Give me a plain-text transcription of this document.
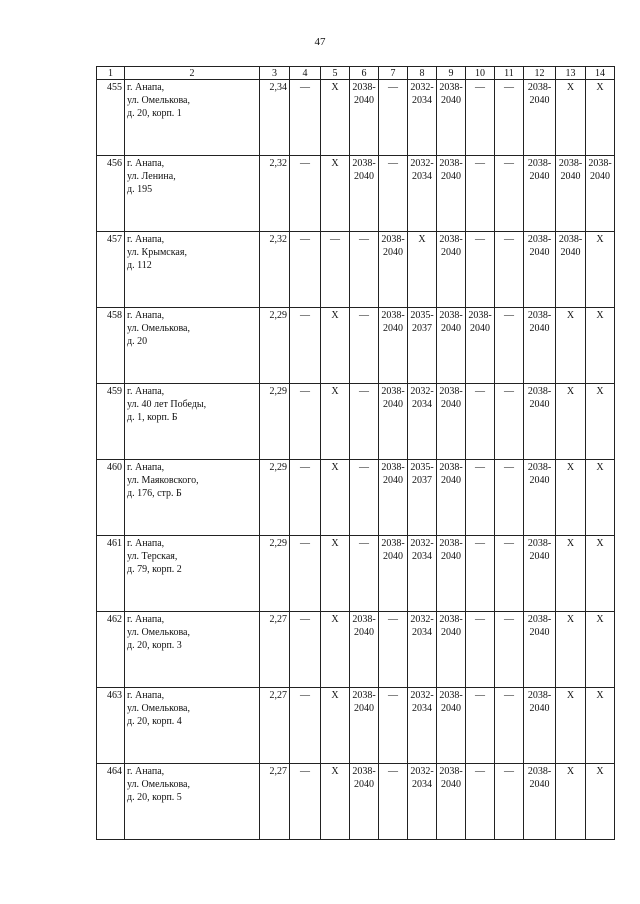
47
1	2	3	4	5	6	7	8	9	10	11	12	13	14
455	г. Анапа,
ул. Омелькова,
д. 20, корп. 1	2,34	—	X	2038-
2040	—	2032-
2034	2038-
2040	—	—	2038-
2040	X	X

456	г. Анапа,
ул. Ленина,
д. 195	2,32	—	X	2038-
2040	—	2032-
2034	2038-
2040	—	—	2038-
2040	2038-
2040	2038-
2040

457	г. Анапа,
ул. Крымская,
д. 112	2,32	—	—	—	2038-
2040	X	2038-
2040	—	—	2038-
2040	2038-
2040	X

458	г. Анапа,
ул. Омелькова,
д. 20	2,29	—	X	—	2038-
2040	2035-
2037	2038-
2040	2038-
2040	—	2038-
2040	X	X

459	г. Анапа,
ул. 40 лет Победы,
д. 1, корп. Б	2,29	—	X	—	2038-
2040	2032-
2034	2038-
2040	—	—	2038-
2040	X	X

460	г. Анапа,
ул. Маяковского,
д. 176, стр. Б	2,29	—	X	—	2038-
2040	2035-
2037	2038-
2040	—	—	2038-
2040	X	X

461	г. Анапа,
ул. Терская,
д. 79, корп. 2	2,29	—	X	—	2038-
2040	2032-
2034	2038-
2040	—	—	2038-
2040	X	X

462	г. Анапа,
ул. Омелькова,
д. 20, корп. 3	2,27	—	X	2038-
2040	—	2032-
2034	2038-
2040	—	—	2038-
2040	X	X

463	г. Анапа,
ул. Омелькова,
д. 20, корп. 4	2,27	—	X	2038-
2040	—	2032-
2034	2038-
2040	—	—	2038-
2040	X	X

464	г. Анапа,
ул. Омелькова,
д. 20, корп. 5	2,27	—	X	2038-
2040	—	2032-
2034	2038-
2040	—	—	2038-
2040	X	X
